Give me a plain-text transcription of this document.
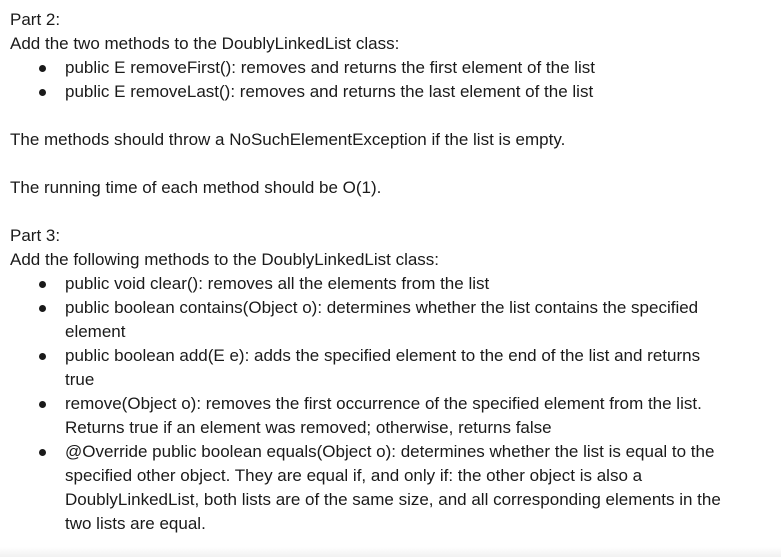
Part 2:

Add the two methods to the DoublyLinkedList class:

public E removeFirst(): removes and returns the first element of the list
public E removeLast(): removes and returns the last element of the list

The methods should throw a NoSuchElementException if the list is empty.

The running time of each method should be O(1).

Part 3:

Add the following methods to the DoublyLinkedList class:

public void clear(): removes all the elements from the list
public boolean contains(Object o): determines whether the list contains the specified element
public boolean add(E e): adds the specified element to the end of the list and returns true
remove(Object o): removes the first occurrence of the specified element from the list. Returns true if an element was removed; otherwise, returns false
@Override public boolean equals(Object o): determines whether the list is equal to the specified other object. They are equal if, and only if: the other object is also a DoublyLinkedList, both lists are of the same size, and all corresponding elements in the two lists are equal.
